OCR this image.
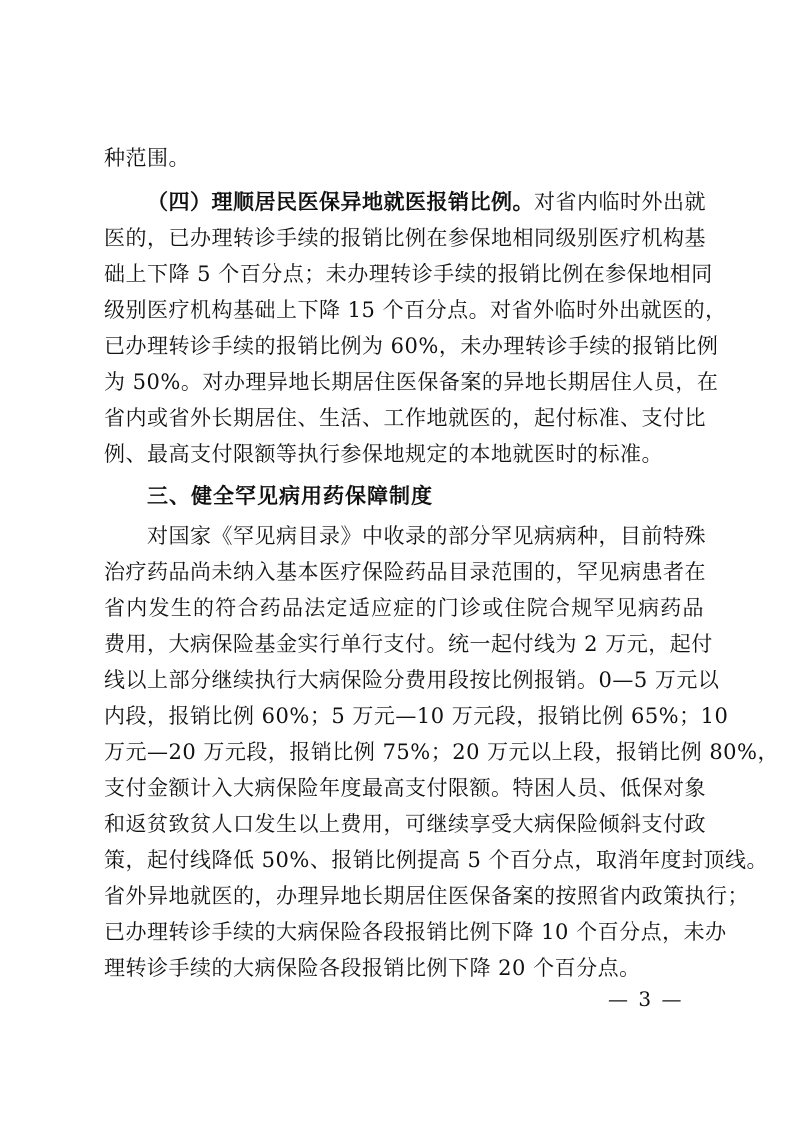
种范围。
（四）理顺居民医保异地就医报销比例。对省内临时外出就
医的，已办理转诊手续的报销比例在参保地相同级别医疗机构基
础上下降 5 个百分点；未办理转诊手续的报销比例在参保地相同
级别医疗机构基础上下降 15 个百分点。对省外临时外出就医的，
已办理转诊手续的报销比例为 60%，未办理转诊手续的报销比例
为 50%。对办理异地长期居住医保备案的异地长期居住人员，在
省内或省外长期居住、生活、工作地就医的，起付标准、支付比
例、最高支付限额等执行参保地规定的本地就医时的标准。
三、健全罕见病用药保障制度
对国家《罕见病目录》中收录的部分罕见病病种，目前特殊
治疗药品尚未纳入基本医疗保险药品目录范围的，罕见病患者在
省内发生的符合药品法定适应症的门诊或住院合规罕见病药品
费用，大病保险基金实行单行支付。统一起付线为 2 万元，起付
线以上部分继续执行大病保险分费用段按比例报销。0—5 万元以
内段，报销比例 60%；5 万元—10 万元段，报销比例 65%；10
万元—20 万元段，报销比例 75%；20 万元以上段，报销比例 80%，
支付金额计入大病保险年度最高支付限额。特困人员、低保对象
和返贫致贫人口发生以上费用，可继续享受大病保险倾斜支付政
策，起付线降低 50%、报销比例提高 5 个百分点，取消年度封顶线。
省外异地就医的，办理异地长期居住医保备案的按照省内政策执行；
已办理转诊手续的大病保险各段报销比例下降 10 个百分点，未办
理转诊手续的大病保险各段报销比例下降 20 个百分点。
— 3 —
